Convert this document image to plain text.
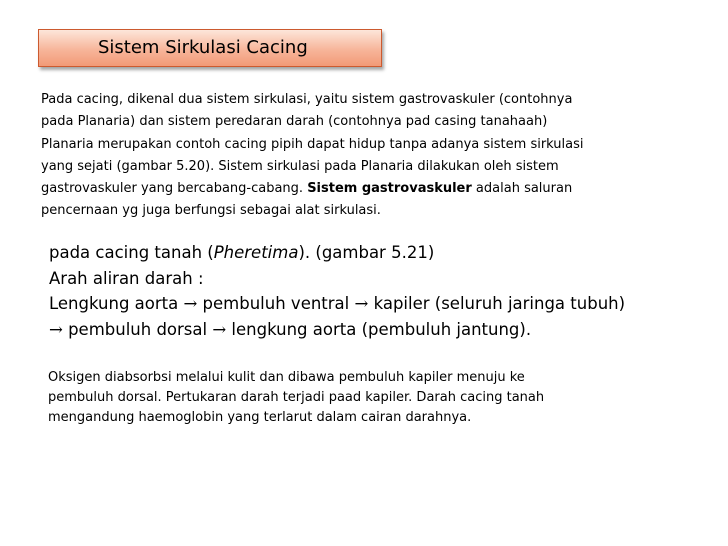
Sistem Sirkulasi Cacing
Pada cacing, dikenal dua sistem sirkulasi, yaitu sistem gastrovaskuler (contohnya
pada Planaria) dan sistem peredaran darah (contohnya pad casing tanahaah)
Planaria merupakan contoh cacing pipih dapat hidup tanpa adanya sistem sirkulasi
yang sejati (gambar 5.20). Sistem sirkulasi pada Planaria dilakukan oleh sistem
gastrovaskuler yang bercabang-cabang. Sistem gastrovaskuler adalah saluran
pencernaan yg juga berfungsi sebagai alat sirkulasi.
pada cacing tanah (Pheretima). (gambar 5.21)
Arah aliran darah :
Lengkung aorta → pembuluh ventral → kapiler (seluruh jaringa tubuh)
→ pembuluh dorsal → lengkung aorta (pembuluh jantung).
Oksigen diabsorbsi melalui kulit dan dibawa pembuluh kapiler menuju ke
pembuluh dorsal. Pertukaran darah terjadi paad kapiler. Darah cacing tanah
mengandung haemoglobin yang terlarut dalam cairan darahnya.
